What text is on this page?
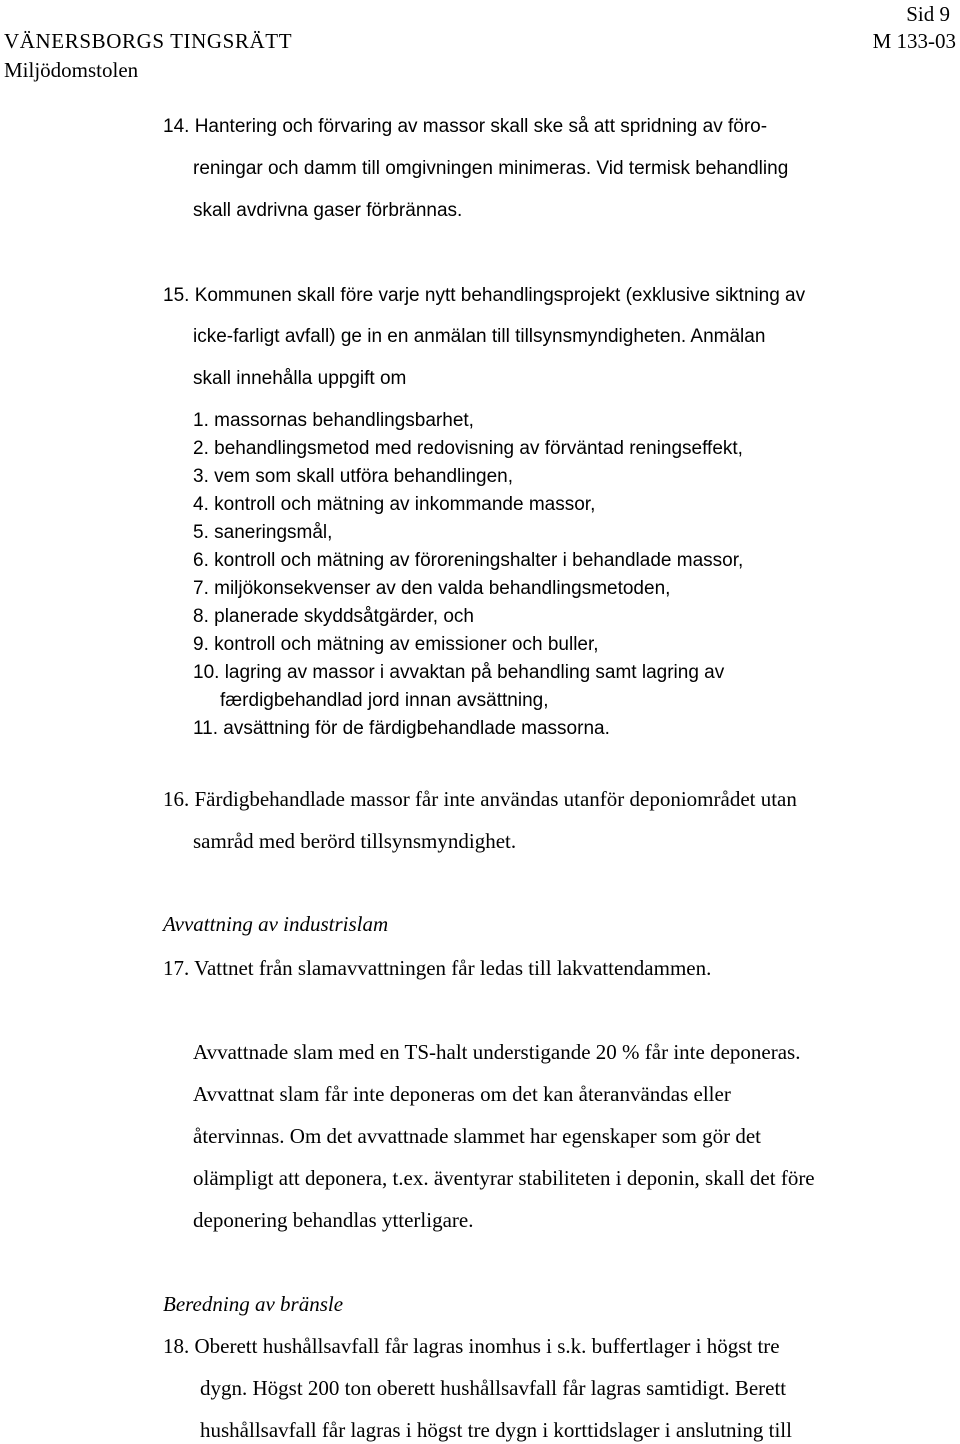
Sid 9
VÄNERSBORGS TINGSRÄTT	M 133-03
Miljödomstolen
14. Hantering och förvaring av massor skall ske så att spridning av föro-
reningar och damm till omgivningen minimeras. Vid termisk behandling
skall avdrivna gaser förbrännas.
15. Kommunen skall före varje nytt behandlingsprojekt (exklusive siktning av
icke-farligt avfall) ge in en anmälan till tillsynsmyndigheten. Anmälan
skall innehålla uppgift om
1. massornas behandlingsbarhet,
2. behandlingsmetod med redovisning av förväntad reningseffekt,
3. vem som skall utföra behandlingen,
4. kontroll och mätning av inkommande massor,
5. saneringsmål,
6. kontroll och mätning av föroreningshalter i behandlade massor,
7. miljökonsekvenser av den valda behandlingsmetoden,
8. planerade skyddsåtgärder, och
9. kontroll och mätning av emissioner och buller,
10. lagring av massor i avvaktan på behandling samt lagring av
færdigbehandlad jord innan avsättning,
11. avsättning för de färdigbehandlade massorna.
16. Färdigbehandlade massor får inte användas utanför deponiområdet utan
samråd med berörd tillsynsmyndighet.
Avvattning av industrislam
17. Vattnet från slamavvattningen får ledas till lakvattendammen.
Avvattnade slam med en TS-halt understigande 20 % får inte deponeras.
Avvattnat slam får inte deponeras om det kan återanvändas eller
återvinnas. Om det avvattnade slammet har egenskaper som gör det
olämpligt att deponera, t.ex. äventyrar stabiliteten i deponin, skall det före
deponering behandlas ytterligare.
Beredning av bränsle
18. Oberett hushållsavfall får lagras inomhus i s.k. buffertlager i högst tre
dygn. Högst 200 ton oberett hushållsavfall får lagras samtidigt. Berett
hushållsavfall får lagras i högst tre dygn i korttidslager i anslutning till
